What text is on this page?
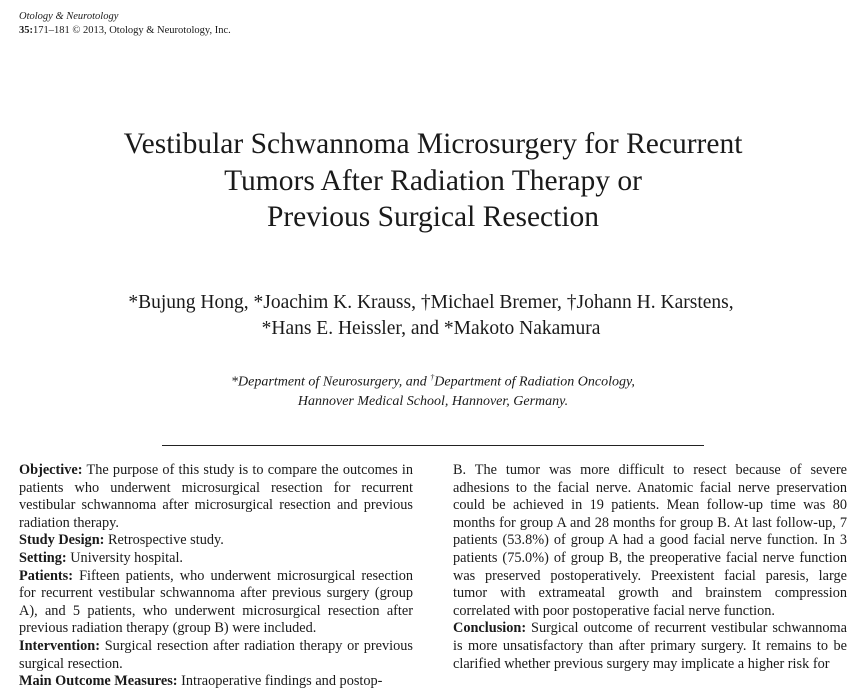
Otology & Neurotology
35:171–181 © 2013, Otology & Neurotology, Inc.
Vestibular Schwannoma Microsurgery for Recurrent
Tumors After Radiation Therapy or
Previous Surgical Resection
*Bujung Hong, *Joachim K. Krauss, †Michael Bremer, †Johann H. Karstens,
*Hans E. Heissler, and *Makoto Nakamura
*Department of Neurosurgery, and †Department of Radiation Oncology,
Hannover Medical School, Hannover, Germany.

Objective: The purpose of this study is to compare the outcomes in patients who underwent microsurgical resection for recurrent vestibular schwannoma after microsurgical resection and previous radiation therapy.

Study Design: Retrospective study.

Setting: University hospital.

Patients: Fifteen patients, who underwent microsurgical resection for recurrent vestibular schwannoma after previous surgery (group A), and 5 patients, who underwent microsurgical resection after previous radiation therapy (group B) were included.

Intervention: Surgical resection after radiation therapy or previous surgical resection.

Main Outcome Measures: Intraoperative findings and postop-

B. The tumor was more difficult to resect because of severe adhesions to the facial nerve. Anatomic facial nerve preservation could be achieved in 19 patients. Mean follow-up time was 80 months for group A and 28 months for group B. At last follow-up, 7 patients (53.8%) of group A had a good facial nerve function. In 3 patients (75.0%) of group B, the preoperative facial nerve function was preserved postoperatively. Preexistent facial paresis, large tumor with extrameatal growth and brainstem compression correlated with poor postoperative facial nerve function.

Conclusion: Surgical outcome of recurrent vestibular schwannoma is more unsatisfactory than after primary surgery. It remains to be clarified whether previous surgery may implicate a higher risk for
